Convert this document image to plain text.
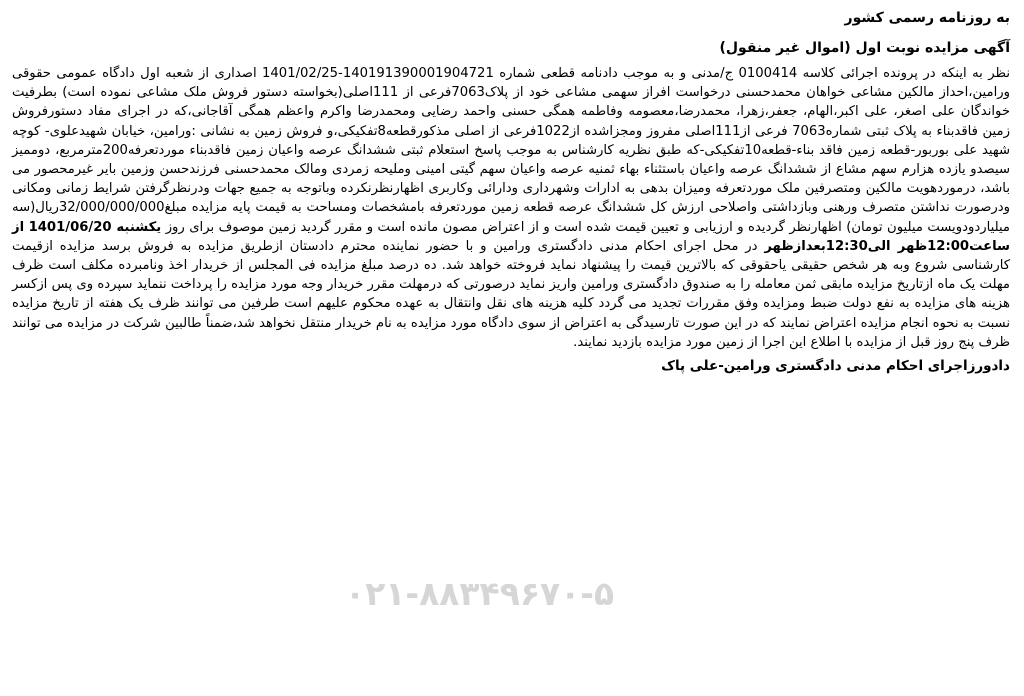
به روزنامه رسمی کشور
آگهی مزایده نوبت اول (اموال غیر منقول)
نظر به اینکه در پرونده اجرائی کلاسه 0100414 ج/مدنی و به موجب دادنامه قطعی شماره 140191390001904721-1401/02/25 اصداری از شعبه اول دادگاه عمومی حقوقی ورامین،احداز مالکین مشاعی خواهان محمدحسنی درخواست افراز سهمی مشاعی خود از پلاک7063فرعی از 111اصلی(بخواسته دستور فروش ملک مشاعی نموده است) بطرفیت خواندگان علی اصغر، علی اکبر،الهام، جعفر،زهرا، محمدرضا،معصومه وفاطمه همگی حسنی واحمد رضایی ومحمدرضا واکرم واعظم همگی آقاجانی،که در اجرای مفاد دستورفروش زمین فاقدبناء به پلاک ثبتی شماره7063 فرعی از111اصلی مفروز ومجزاشده از1022فرعی از اصلی مذکورقطعه8تفکیکی،و فروش زمین به نشانی :ورامین، خیابان شهیدعلوی- کوچه شهید علی بوربور-قطعه زمین فاقد بناء-قطعه10تفکیکی-که طبق نظریه کارشناس به موجب پاسخ استعلام ثبتی ششدانگ عرصه واعیان زمین فاقدبناء موردتعرفه200مترمربع، دوممیز سیصدو یازده هزارم سهم مشاع از ششدانگ عرصه واعیان باستثناء بهاء ثمنیه عرصه واعیان سهم گیتی امینی وملیحه زمردی ومالک محمدحسنی فرزندحسن وزمین بایر غیرمحصور می باشد، درموردهویت مالکین ومتصرفین ملک موردتعرفه ومیزان بدهی به ادارات وشهرداری ودارائی وکاربری اظهارنظرنکرده وباتوجه به جمیع جهات ودرنظرگرفتن شرایط زمانی ومکانی ودرصورت نداشتن متصرف ورهنی وبازداشتی واصلاحی ارزش کل ششدانگ عرصه قطعه زمین موردتعرفه بامشخصات ومساحت به قیمت پایه مزایده مبلغ32/000/000/000ریال(سه میلیاردودویست میلیون تومان) اظهارنظر گردیده و ارزیابی و تعیین قیمت شده است و از اعتراض مصون مانده است و مقرر گردید زمین موصوف برای روز یکشنبه 1401/06/20 از ساعت12:00ظهر الی12:30بعدازظهر در محل اجرای احکام مدنی دادگستری ورامین و با حضور نماینده محترم دادستان ازطریق مزایده به فروش برسد مزایده ازقیمت کارشناسی شروع وبه هر شخص حقیقی یاحقوقی که بالاترین قیمت را پیشنهاد نماید فروخته خواهد شد. ده درصد مبلغ مزایده فی المجلس از خریدار اخذ ونامبرده مکلف است ظرف مهلت یک ماه ازتاریخ مزایده مابقی ثمن معامله را به صندوق دادگستری ورامین واریز نماید درصورتی که درمهلت مقرر خریدار وجه مورد مزایده را پرداخت ننماید سپرده وی پس ازکسر هزینه های مزایده به نفع دولت ضبط ومزایده وفق مقررات تجدید می گردد کلیه هزینه های نقل وانتقال به عهده محکوم علیهم است طرفین می توانند ظرف یک هفته از تاریخ مزایده نسبت به نحوه انجام مزایده اعتراض نمایند که در این صورت تارسیدگی به اعتراض از سوی دادگاه مورد مزایده به نام خریدار منتقل نخواهد شد،ضمناً طالبین شرکت در مزایده می توانند ظرف پنج روز قبل از مزایده با اطلاع این اجرا از زمین مورد مزایده بازدید نمایند.
۰۲۱-۸۸۳۴۹۶۷۰-۵
دادورزاجرای احکام مدنی دادگستری ورامین-علی پاک
